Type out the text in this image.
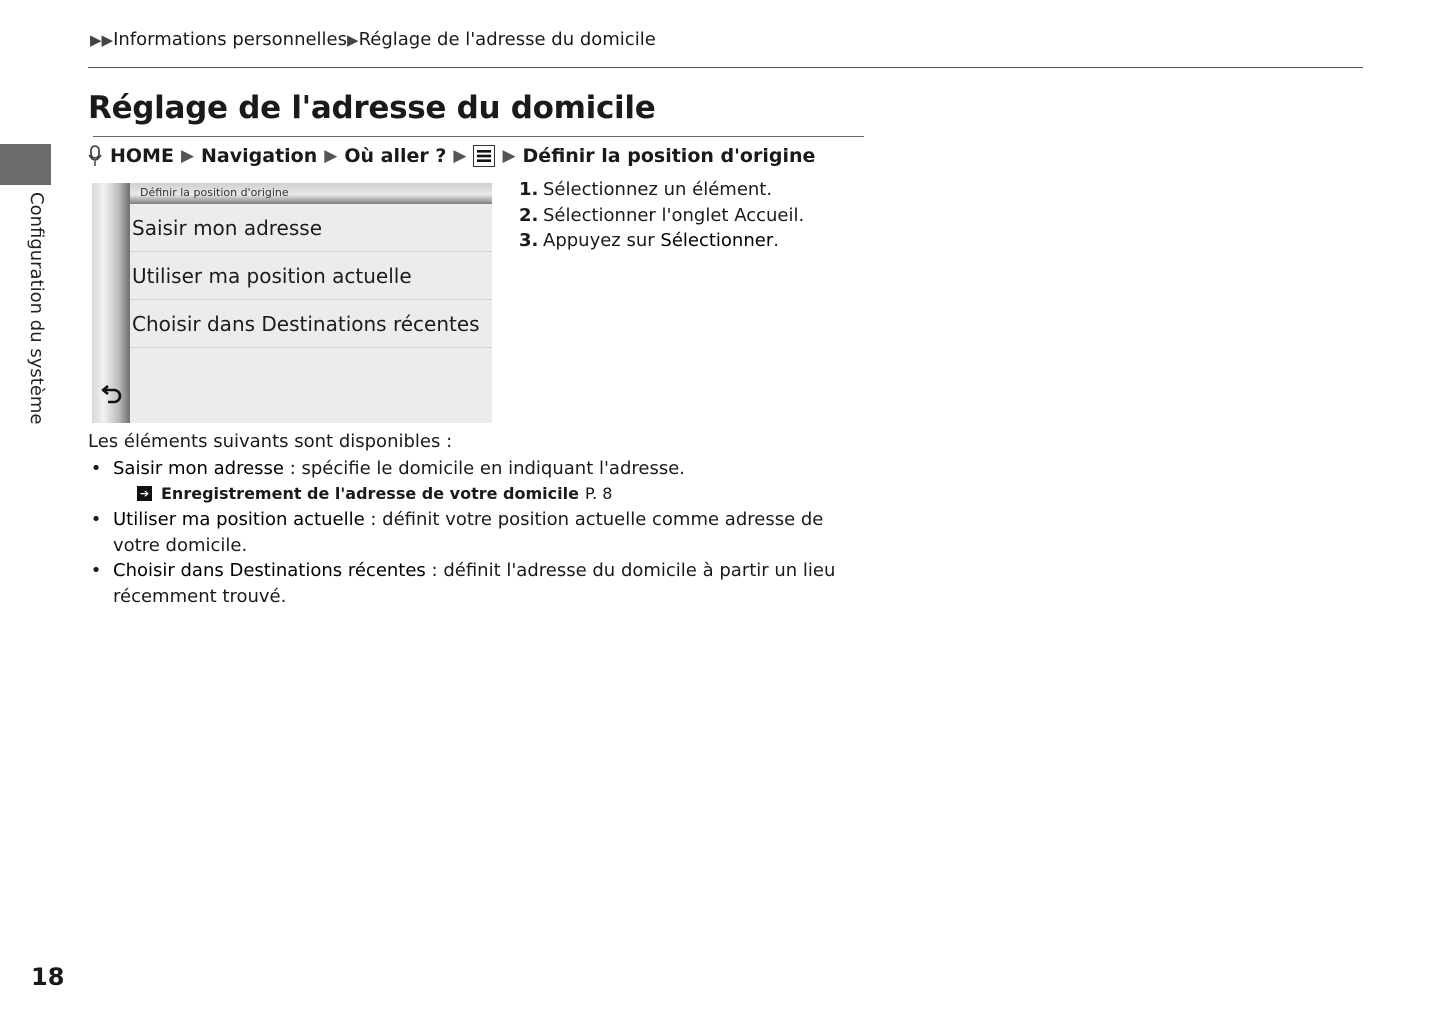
▶▶Informations personnelles▶Réglage de l'adresse du domicile
Configuration du système
Réglage de l'adresse du domicile
HOME ▶ Navigation ▶ Où aller ? ▶ ▶ Définir la position d'origine
Définir la position d'origine
Saisir mon adresse
Utiliser ma position actuelle
Choisir dans Destinations récentes
1. Sélectionnez un élément.
2. Sélectionner l'onglet Accueil.
3. Appuyez sur Sélectionner.
Les éléments suivants sont disponibles :
• Saisir mon adresse : spécifie le domicile en indiquant l'adresse.
➔ Enregistrement de l'adresse de votre domicile P. 8
• Utiliser ma position actuelle : définit votre position actuelle comme adresse de votre domicile.
• Choisir dans Destinations récentes : définit l'adresse du domicile à partir un lieu récemment trouvé.
18
